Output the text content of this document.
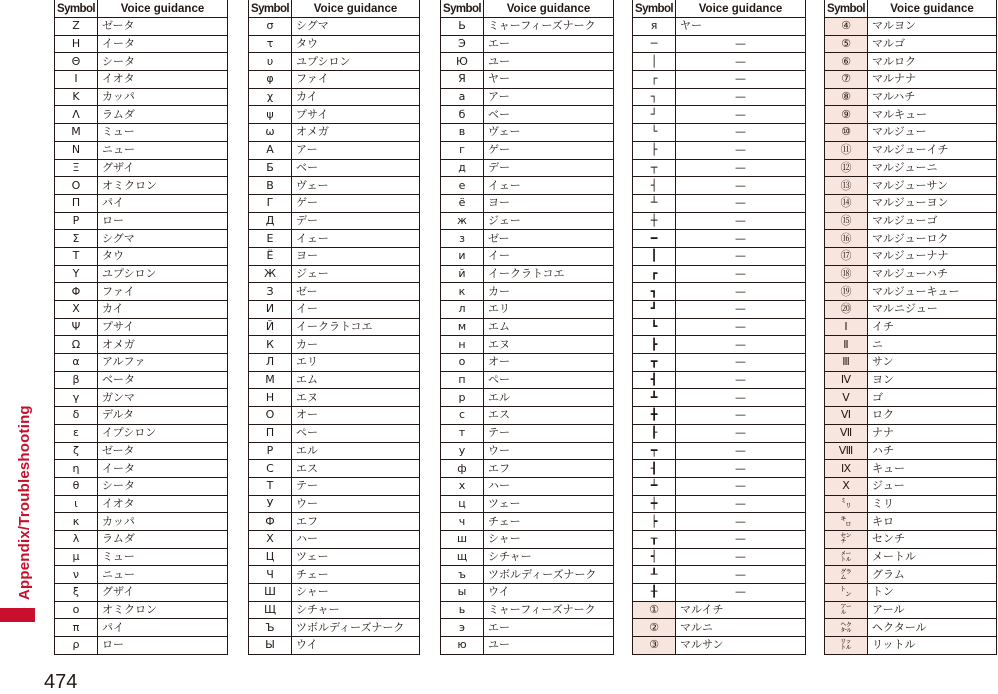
Appendix/Troubleshooting
474
Symbol	Voice guidance
Ζ	ゼータ
Η	イータ
Θ	シータ
Ι	イオタ
Κ	カッパ
Λ	ラムダ
Μ	ミュー
Ν	ニュー
Ξ	グザイ
Ο	オミクロン
Π	パイ
Ρ	ロー
Σ	シグマ
Τ	タウ
Υ	ユプシロン
Φ	ファイ
Χ	カイ
Ψ	プサイ
Ω	オメガ
α	アルファ
β	ベータ
γ	ガンマ
δ	デルタ
ε	イプシロン
ζ	ゼータ
η	イータ
θ	シータ
ι	イオタ
κ	カッパ
λ	ラムダ
μ	ミュー
ν	ニュー
ξ	グザイ
ο	オミクロン
π	パイ
ρ	ロー
Symbol	Voice guidance
σ	シグマ
τ	タウ
υ	ユプシロン
φ	ファイ
χ	カイ
ψ	プサイ
ω	オメガ
А	アー
Б	ベー
В	ヴェー
Г	ゲー
Д	デー
Е	イェー
Ё	ヨー
Ж	ジェー
З	ゼー
И	イー
Й	イークラトコエ
К	カー
Л	エリ
М	エム
Н	エヌ
О	オー
П	ペー
Р	エル
С	エス
Т	テー
У	ウー
Ф	エフ
Х	ハー
Ц	ツェー
Ч	チェー
Ш	シャー
Щ	シチャー
Ъ	ツボルディーズナーク
Ы	ウイ
Symbol	Voice guidance
Ь	ミャーフィーズナーク
Э	エー
Ю	ユー
Я	ヤー
а	アー
б	ベー
в	ヴェー
г	ゲー
д	デー
е	イェー
ё	ヨー
ж	ジェー
з	ゼー
и	イー
й	イークラトコエ
к	カー
л	エリ
м	エム
н	エヌ
о	オー
п	ペー
р	エル
с	エス
т	テー
у	ウー
ф	エフ
х	ハー
ц	ツェー
ч	チェー
ш	シャー
щ	シチャー
ъ	ツボルディーズナーク
ы	ウイ
ь	ミャーフィーズナーク
э	エー
ю	ユー
Symbol	Voice guidance
я	ヤー
─	—
│	—
┌	—
┐	—
┘	—
└	—
├	—
┬	—
┤	—
┴	—
┼	—
━	—
┃	—
┏	—
┓	—
┛	—
┗	—
┣	—
┳	—
┫	—
┻	—
╋	—
┠	—
┯	—
┨	—
┷	—
┿	—
┝	—
┰	—
┥	—
┸	—
╂	—
①	マルイチ
②	マルニ
③	マルサン
Symbol	Voice guidance
④	マルヨン
⑤	マルゴ
⑥	マルロク
⑦	マルナナ
⑧	マルハチ
⑨	マルキュー
⑩	マルジュー
⑪	マルジューイチ
⑫	マルジューニ
⑬	マルジューサン
⑭	マルジューヨン
⑮	マルジューゴ
⑯	マルジューロク
⑰	マルジューナナ
⑱	マルジューハチ
⑲	マルジューキュー
⑳	マルニジュー
Ⅰ	イチ
Ⅱ	ニ
Ⅲ	サン
Ⅳ	ヨン
Ⅴ	ゴ
Ⅵ	ロク
Ⅶ	ナナ
Ⅷ	ハチ
Ⅸ	キュー
Ⅹ	ジュー
㍉	ミリ
㌔	キロ
㌢	センチ
㍍	メートル
㌘	グラム
㌧	トン
㌃	アール
㌶	ヘクタール
㍑	リットル
